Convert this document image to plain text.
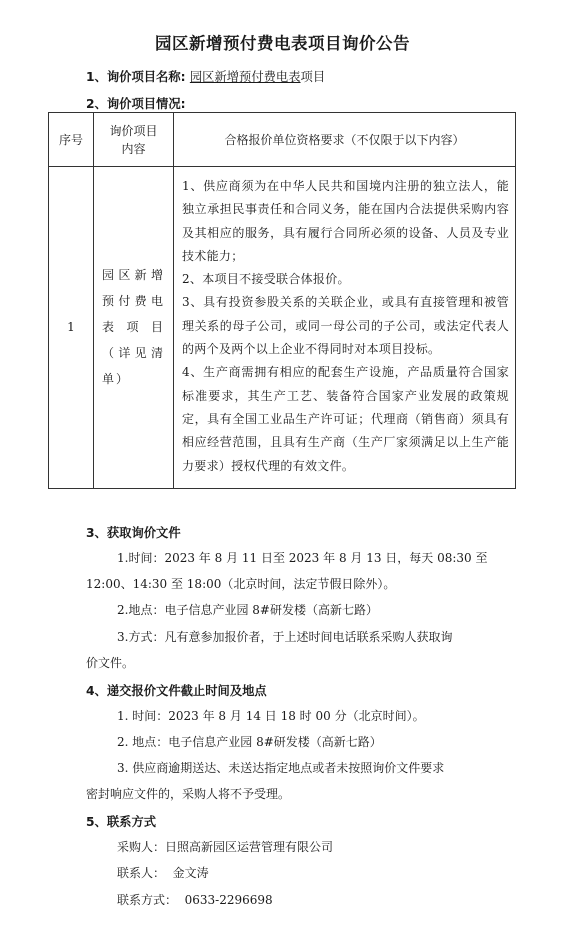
园区新增预付费电表项目询价公告
1、询价项目名称: 园区新增预付费电表项目
2、询价项目情况:
序号	询价项目内容	合格报价单位资格要求（不仅限于以下内容）
1	园区新增预付费电表项目（详见清单）	1、供应商须为在中华人民共和国境内注册的独立法人，能独立承担民事责任和合同义务，能在国内合法提供采购内容及其相应的服务，具有履行合同所必须的设备、人员及专业技术能力；

2、本项目不接受联合体报价。

3、具有投资参股关系的关联企业，或具有直接管理和被管理关系的母子公司，或同一母公司的子公司，或法定代表人的两个及两个以上企业不得同时对本项目投标。

4、生产商需拥有相应的配套生产设施，产品质量符合国家标准要求，其生产工艺、装备符合国家产业发展的政策规定，具有全国工业品生产许可证；代理商（销售商）须具有相应经营范围，且具有生产商（生产厂家须满足以上生产能力要求）授权代理的有效文件。

3、获取询价文件
1.时间：2023 年 8 月 11 日至 2023 年 8 月 13 日，每天 08:30 至
12:00、14:30 至 18:00（北京时间，法定节假日除外）。
2.地点：电子信息产业园 8#研发楼（高新七路）
3.方式：凡有意参加报价者，于上述时间电话联系采购人获取询
价文件。
4、递交报价文件截止时间及地点
1. 时间：2023 年 8 月 14 日 18 时 00 分（北京时间）。
2. 地点：电子信息产业园 8#研发楼（高新七路）
3. 供应商逾期送达、未送达指定地点或者未按照询价文件要求
密封响应文件的，采购人将不予受理。
5、联系方式
采购人：日照高新园区运营管理有限公司
联系人：  金文涛
联系方式：  0633-2296698
